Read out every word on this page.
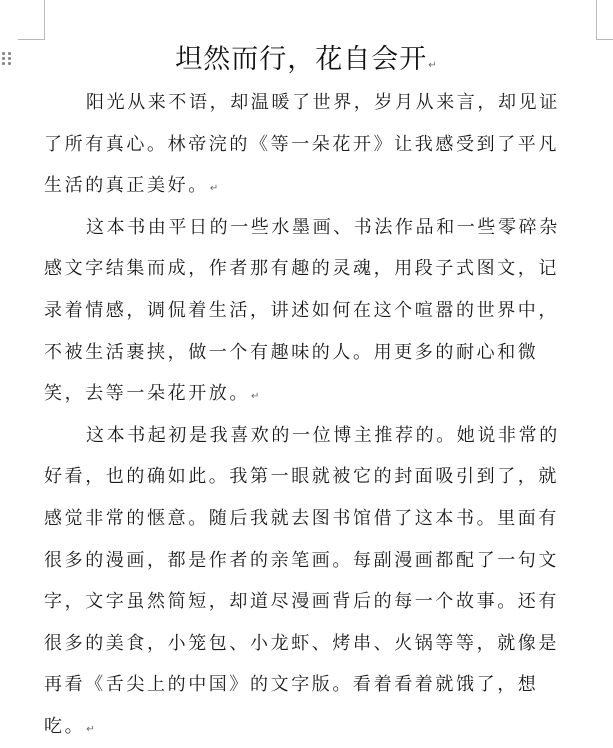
坦然而行，花自会开↵
阳光从来不语，却温暖了世界，岁月从来言，却见证
了所有真心。林帝浣的《等一朵花开》让我感受到了平凡
生活的真正美好。↵
这本书由平日的一些水墨画、书法作品和一些零碎杂
感文字结集而成，作者那有趣的灵魂，用段子式图文，记
录着情感，调侃着生活，讲述如何在这个喧嚣的世界中，
不被生活裹挟，做一个有趣味的人。用更多的耐心和微
笑，去等一朵花开放。↵
这本书起初是我喜欢的一位博主推荐的。她说非常的
好看，也的确如此。我第一眼就被它的封面吸引到了，就
感觉非常的惬意。随后我就去图书馆借了这本书。里面有
很多的漫画，都是作者的亲笔画。每副漫画都配了一句文
字，文字虽然简短，却道尽漫画背后的每一个故事。还有
很多的美食，小笼包、小龙虾、烤串、火锅等等，就像是
再看《舌尖上的中国》的文字版。看着看着就饿了，想
吃。↵
